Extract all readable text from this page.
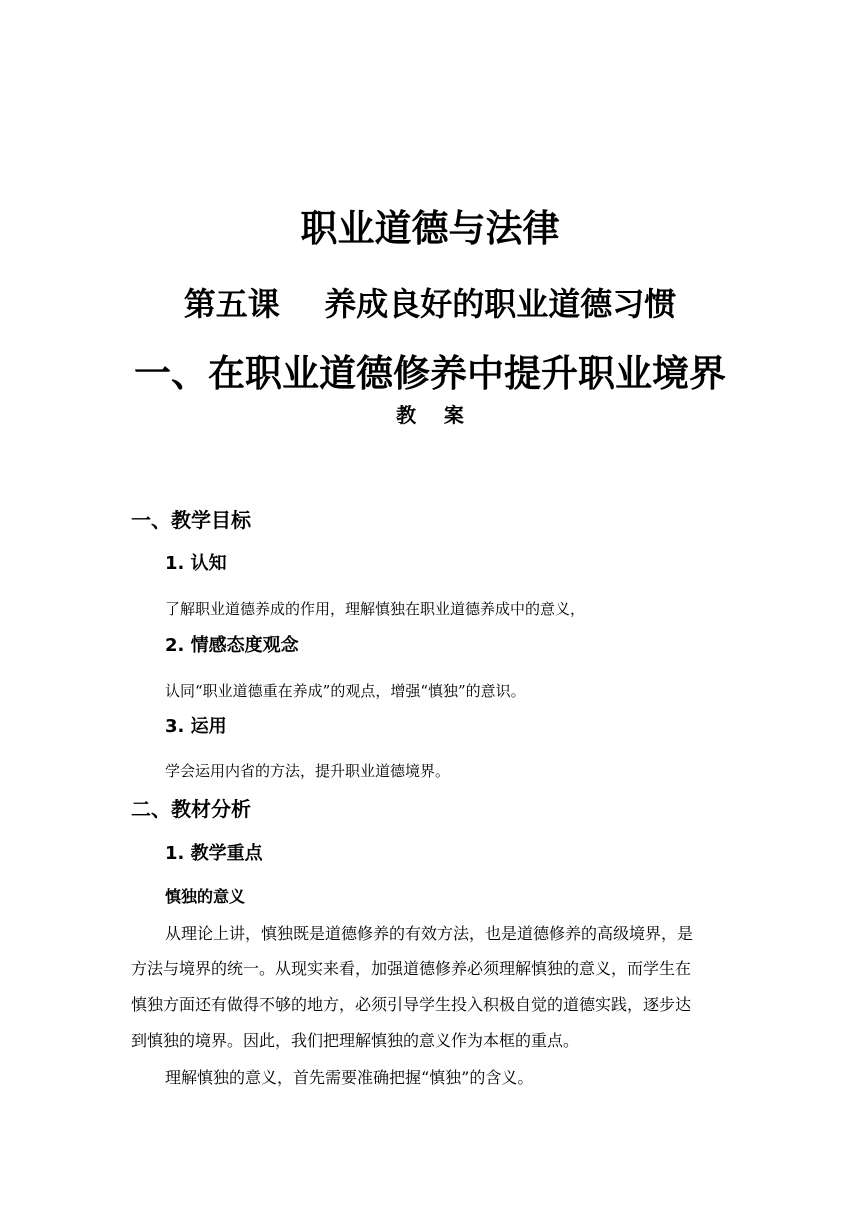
职业道德与法律
第五课    养成良好的职业道德习惯
一、在职业道德修养中提升职业境界
教    案
一、教学目标
1. 认知
了解职业道德养成的作用，理解慎独在职业道德养成中的意义，
2. 情感态度观念
认同“职业道德重在养成”的观点，增强“慎独”的意识。
3. 运用
学会运用内省的方法，提升职业道德境界。
二、教材分析
1. 教学重点
慎独的意义
从理论上讲，慎独既是道德修养的有效方法，也是道德修养的高级境界，是
方法与境界的统一。从现实来看，加强道德修养必须理解慎独的意义，而学生在
慎独方面还有做得不够的地方，必须引导学生投入积极自觉的道德实践，逐步达
到慎独的境界。因此，我们把理解慎独的意义作为本框的重点。
理解慎独的意义，首先需要准确把握“慎独”的含义。
